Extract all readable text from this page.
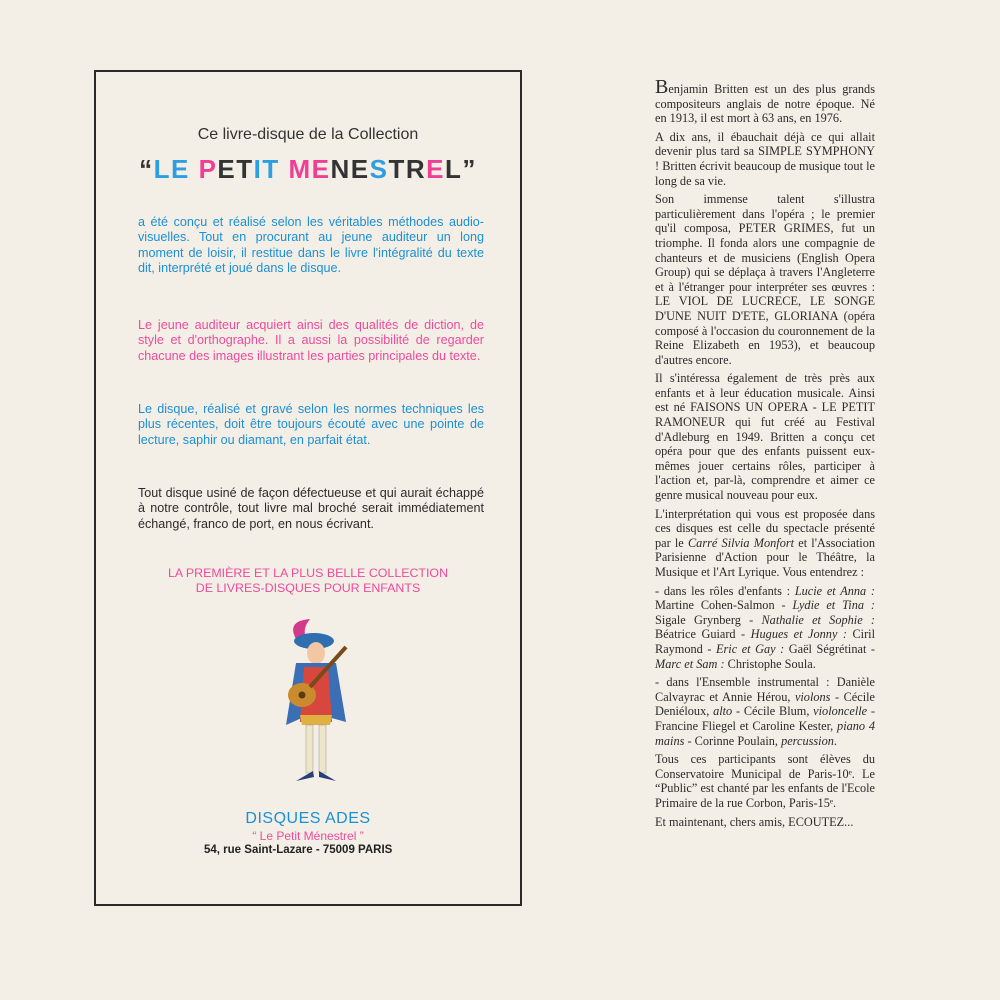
Ce livre-disque de la Collection
“LE PETIT MENESTREL”
a été conçu et réalisé selon les véritables méthodes audio-visuelles. Tout en procurant au jeune auditeur un long moment de loisir, il restitue dans le livre l'intégralité du texte dit, interprété et joué dans le disque.
Le jeune auditeur acquiert ainsi des qualités de diction, de style et d'orthographe. Il a aussi la possibilité de regarder chacune des images illustrant les parties principales du texte.
Le disque, réalisé et gravé selon les normes techniques les plus récentes, doit être toujours écouté avec une pointe de lecture, saphir ou diamant, en parfait état.
Tout disque usiné de façon défectueuse et qui aurait échappé à notre contrôle, tout livre mal broché serait immédiatement échangé, franco de port, en nous écrivant.
LA PREMIÈRE ET LA PLUS BELLE COLLECTION
DE LIVRES-DISQUES POUR ENFANTS
DISQUES ADES
“ Le Petit Ménestrel ”
54, rue Saint-Lazare - 75009 PARIS

Benjamin Britten est un des plus grands compositeurs anglais de notre époque. Né en 1913, il est mort à 63 ans, en 1976.

A dix ans, il ébauchait déjà ce qui allait devenir plus tard sa SIMPLE SYMPHONY ! Britten écrivit beaucoup de musique tout le long de sa vie.

Son immense talent s'illustra particulièrement dans l'opéra ; le premier qu'il composa, PETER GRIMES, fut un triomphe. Il fonda alors une compagnie de chanteurs et de musiciens (English Opera Group) qui se déplaça à travers l'Angleterre et à l'étranger pour interpréter ses œuvres : LE VIOL DE LUCRECE, LE SONGE D'UNE NUIT D'ETE, GLORIANA (opéra composé à l'occasion du couronnement de la Reine Elizabeth en 1953), et beaucoup d'autres encore.

Il s'intéressa également de très près aux enfants et à leur éducation musicale. Ainsi est né FAISONS UN OPERA - LE PETIT RAMONEUR qui fut créé au Festival d'Adleburg en 1949. Britten a conçu cet opéra pour que des enfants puissent eux-mêmes jouer certains rôles, participer à l'action et, par-là, comprendre et aimer ce genre musical nouveau pour eux.

L'interprétation qui vous est proposée dans ces disques est celle du spectacle présenté par le Carré Silvia Monfort et l'Association Parisienne d'Action pour le Théâtre, la Musique et l'Art Lyrique. Vous entendrez :

- dans les rôles d'enfants : Lucie et Anna : Martine Cohen-Salmon - Lydie et Tina : Sigale Grynberg - Nathalie et Sophie : Béatrice Guiard - Hugues et Jonny : Ciril Raymond - Eric et Gay : Gaël Ségrétinat - Marc et Sam : Christophe Soula.

- dans l'Ensemble instrumental : Danièle Calvayrac et Annie Hérou, violons - Cécile Deniéloux, alto - Cécile Blum, violoncelle - Francine Fliegel et Caroline Kester, piano 4 mains - Corinne Poulain, percussion.

Tous ces participants sont élèves du Conservatoire Municipal de Paris-10ᵉ. Le “Public” est chanté par les enfants de l'Ecole Primaire de la rue Corbon, Paris-15ᵉ.

Et maintenant, chers amis, ECOUTEZ...
